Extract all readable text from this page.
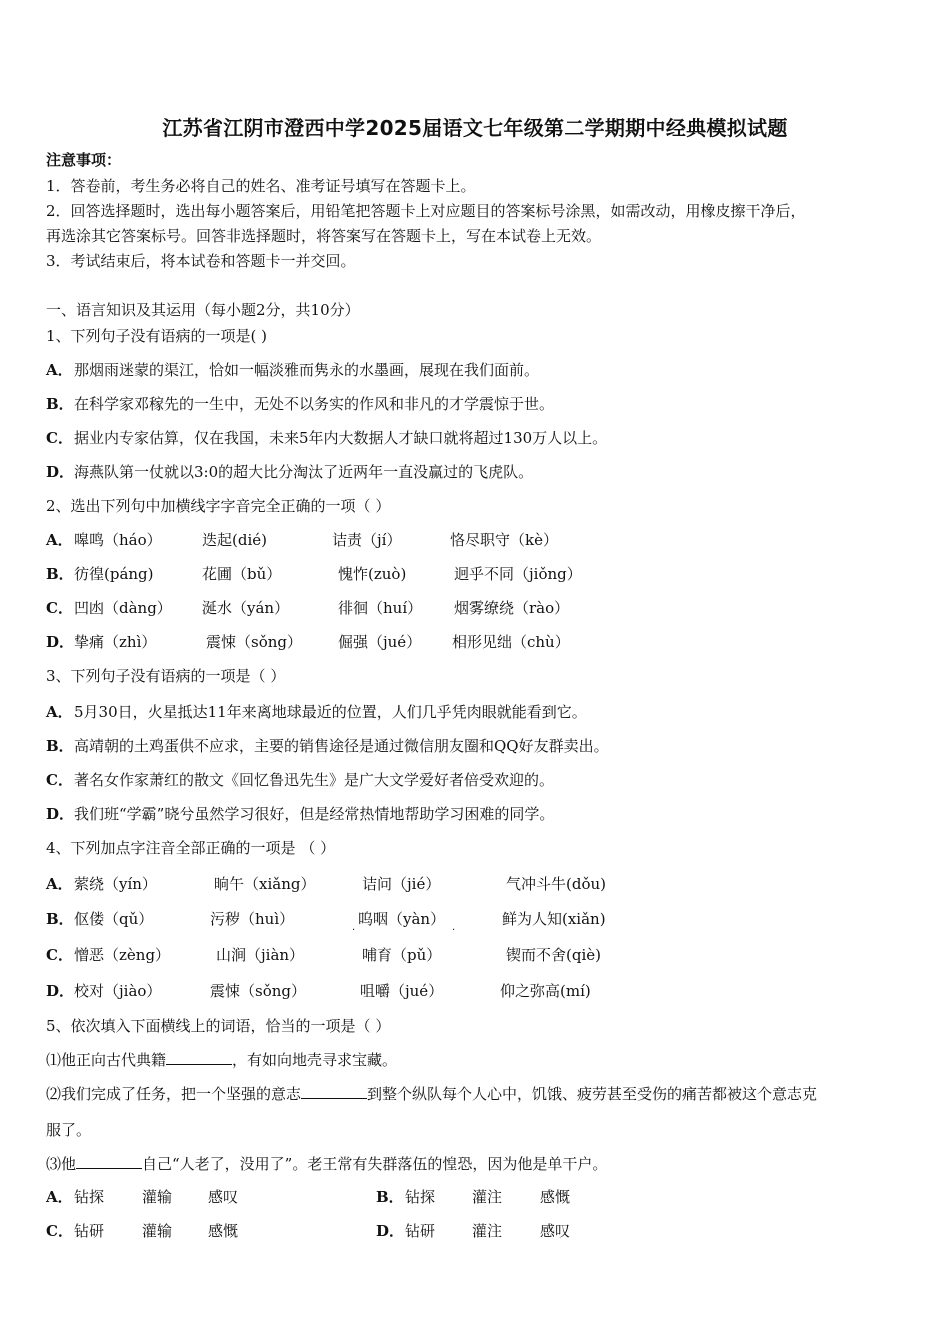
江苏省江阴市澄西中学2025届语文七年级第二学期期中经典模拟试题
注意事项：
1．答卷前，考生务必将自己的姓名、准考证号填写在答题卡上。
2．回答选择题时，选出每小题答案后，用铅笔把答题卡上对应题目的答案标号涂黑，如需改动，用橡皮擦干净后，
再选涂其它答案标号。回答非选择题时，将答案写在答题卡上，写在本试卷上无效。
3．考试结束后，将本试卷和答题卡一并交回。
一、语言知识及其运用（每小题2分，共10分）
1、下列句子没有语病的一项是( )
A．那烟雨迷蒙的渠江，恰如一幅淡雅而隽永的水墨画，展现在我们面前。
B．在科学家邓稼先的一生中，无处不以务实的作风和非凡的才学震惊于世。
C．据业内专家估算，仅在我国，未来5年内大数据人才缺口就将超过130万人以上。
D．海燕队第一仗就以3:0的超大比分淘汰了近两年一直没赢过的飞虎队。
2、选出下列句中加横线字字音完全正确的一项（ ）
A． 嗥鸣（háo）	迭起(dié)	诘责（jí）	恪尽职守（kè）
B． 彷徨(páng)	花圃（bǔ）	愧怍(zuò)	迥乎不同（jiǒng）
C． 凹凼（dàng） 涎水（yán）	徘徊（huí） 烟雾缭绕（rào）
D． 挚痛（zhì）	震悚（sǒng） 倔强（jué） 相形见绌（chù）
3、下列句子没有语病的一项是（ ）
A．5月30日，火星抵达11年来离地球最近的位置，人们几乎凭肉眼就能看到它。
B．高靖朝的土鸡蛋供不应求，主要的销售途径是通过微信朋友圈和QQ好友群卖出。
C．著名女作家萧红的散文《回忆鲁迅先生》是广大文学爱好者倍受欢迎的。
D．我们班“学霸”晓兮虽然学习很好，但是经常热情地帮助学习困难的同学。
4、下列加点字注音全部正确的一项是 （ ）
A． 萦绕（yín）	晌午（xiǎng）	诘问（jié）	气冲斗牛(dǒu)
B． 伛偻（qǔ）	污秽（huì）	呜咽（yàn）	鲜为人知(xiǎn)
·	·
C． 憎恶（zèng）	山涧（jiàn）	哺育（pǔ）	锲而不舍(qiè)
D． 校对（jiào）	震悚（sǒng）	咀嚼（jué）	仰之弥高(mí)
5、依次填入下面横线上的词语，恰当的一项是（ ）
⑴他正向古代典籍	，有如向地壳寻求宝藏。
⑵我们完成了任务，把一个坚强的意志	到整个纵队每个人心中，饥饿、疲劳甚至受伤的痛苦都被这个意志克
服了。
⑶他	自己“人老了，没用了”。老王常有失群落伍的惶恐，因为他是单干户。
A． 钻探	灌输 感叹	B． 钻探 灌注	感慨
C． 钻研	灌输 感慨	D． 钻研 灌注	感叹
